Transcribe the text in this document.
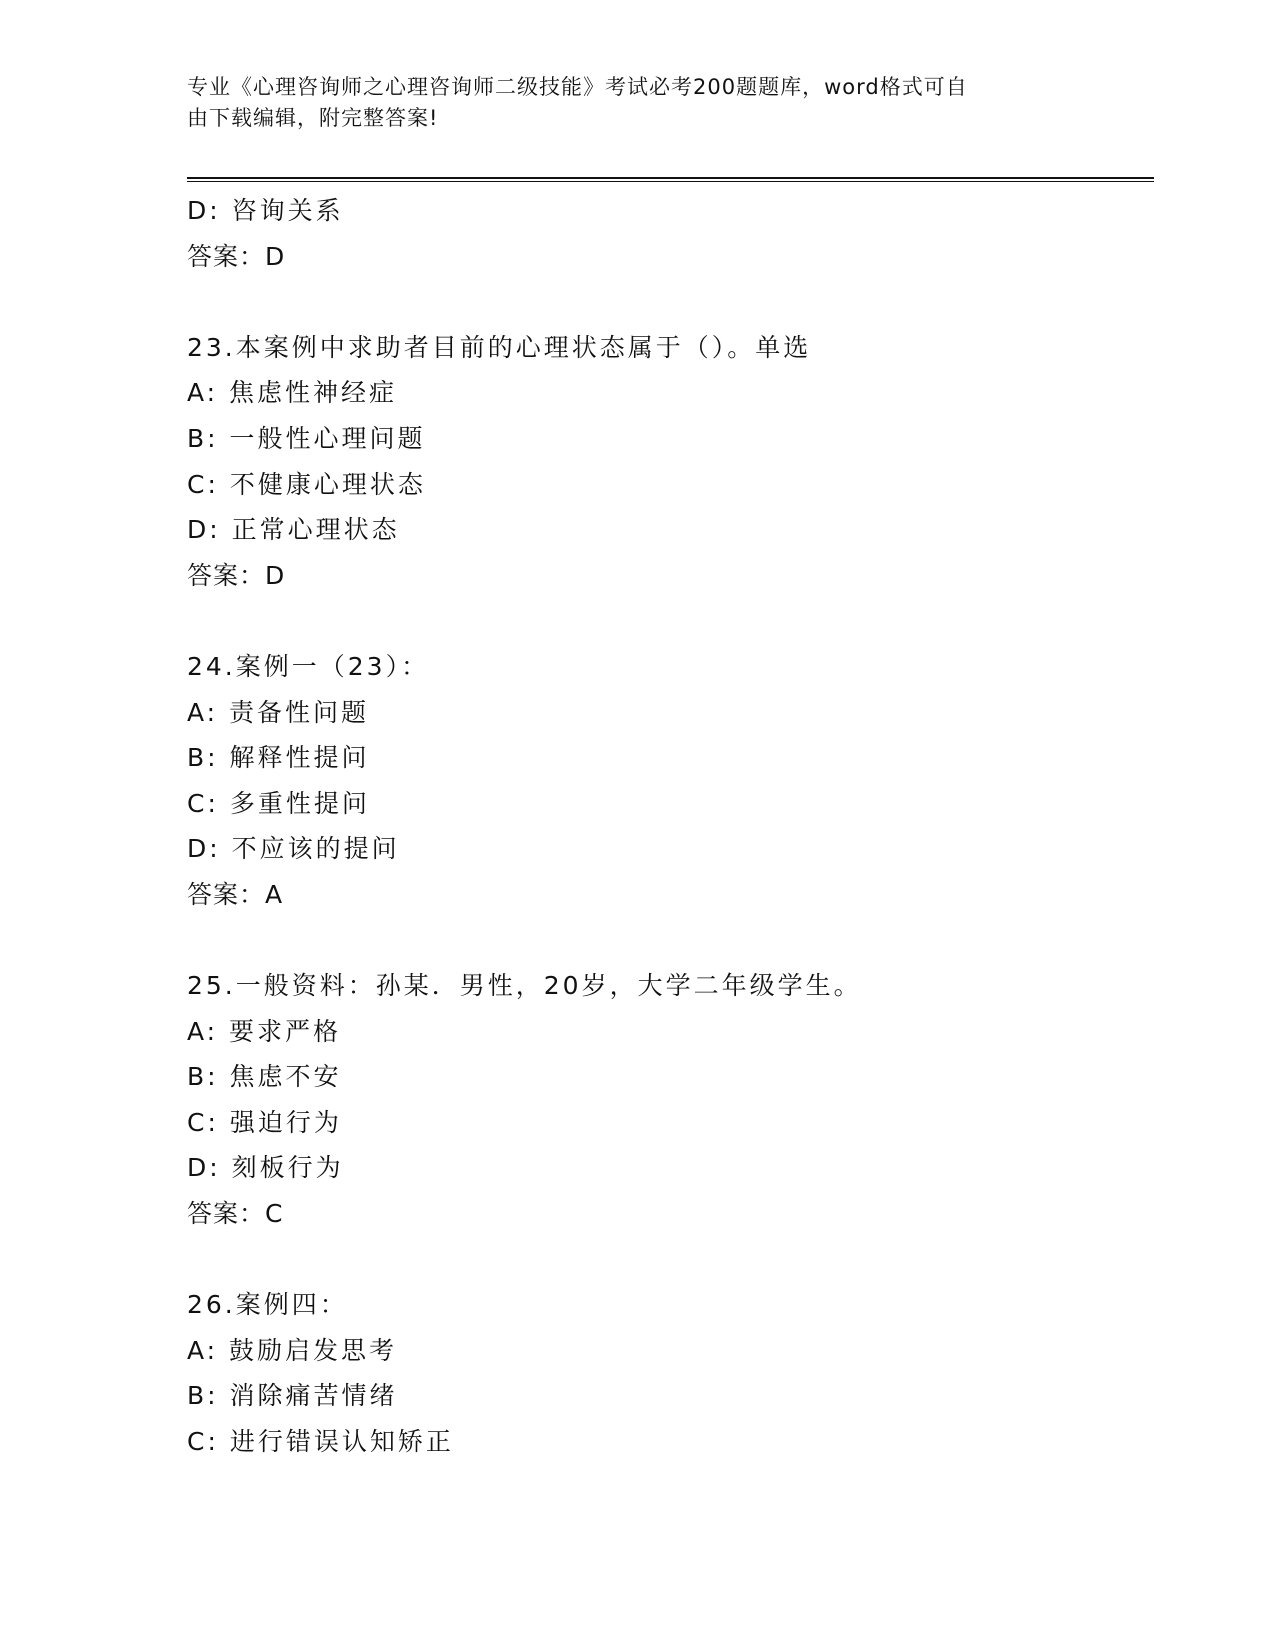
专业《心理咨询师之心理咨询师二级技能》考试必考200题题库，word格式可自
由下载编辑，附完整答案!
D: 咨询关系
答案：D
23.本案例中求助者目前的心理状态属于（）。单选
A: 焦虑性神经症
B: 一般性心理问题
C: 不健康心理状态
D: 正常心理状态
答案：D
24.案例一（23）：
A: 责备性问题
B: 解释性提问
C: 多重性提问
D: 不应该的提问
答案：A
25.一般资料：孙某．男性，20岁，大学二年级学生。
A: 要求严格
B: 焦虑不安
C: 强迫行为
D: 刻板行为
答案：C
26.案例四：
A: 鼓励启发思考
B: 消除痛苦情绪
C: 进行错误认知矫正
